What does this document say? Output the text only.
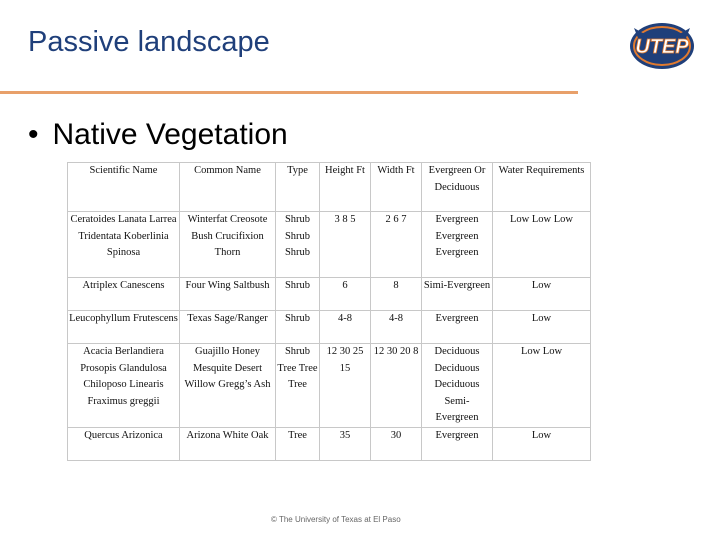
Passive landscape	UTEP
• Native Vegetation
Scientific Name	Common Name	Type	Height Ft	Width Ft	Evergreen Or Deciduous	Water Requirements
Ceratoides Lanata Larrea Tridentata Koberlinia Spinosa	Winterfat Creosote Bush Crucifixion Thorn	Shrub Shrub Shrub	3 8 5	2 6 7	Evergreen Evergreen Evergreen	Low Low Low
Atriplex Canescens	Four Wing Saltbush	Shrub	6	8	Simi-Evergreen	Low
Leucophyllum Frutescens	Texas Sage/Ranger	Shrub	4-8	4-8	Evergreen	Low
Acacia Berlandiera Prosopis Glandulosa Chiloposo Linearis Fraximus greggii	Guajillo Honey Mesquite Desert Willow Gregg’s Ash	Shrub Tree Tree Tree	12 30 25 15	12 30 20 8	Deciduous Deciduous Deciduous Semi-Evergreen	Low Low
Quercus Arizonica	Arizona White Oak	Tree	35	30	Evergreen	Low
© The University of Texas at El Paso
